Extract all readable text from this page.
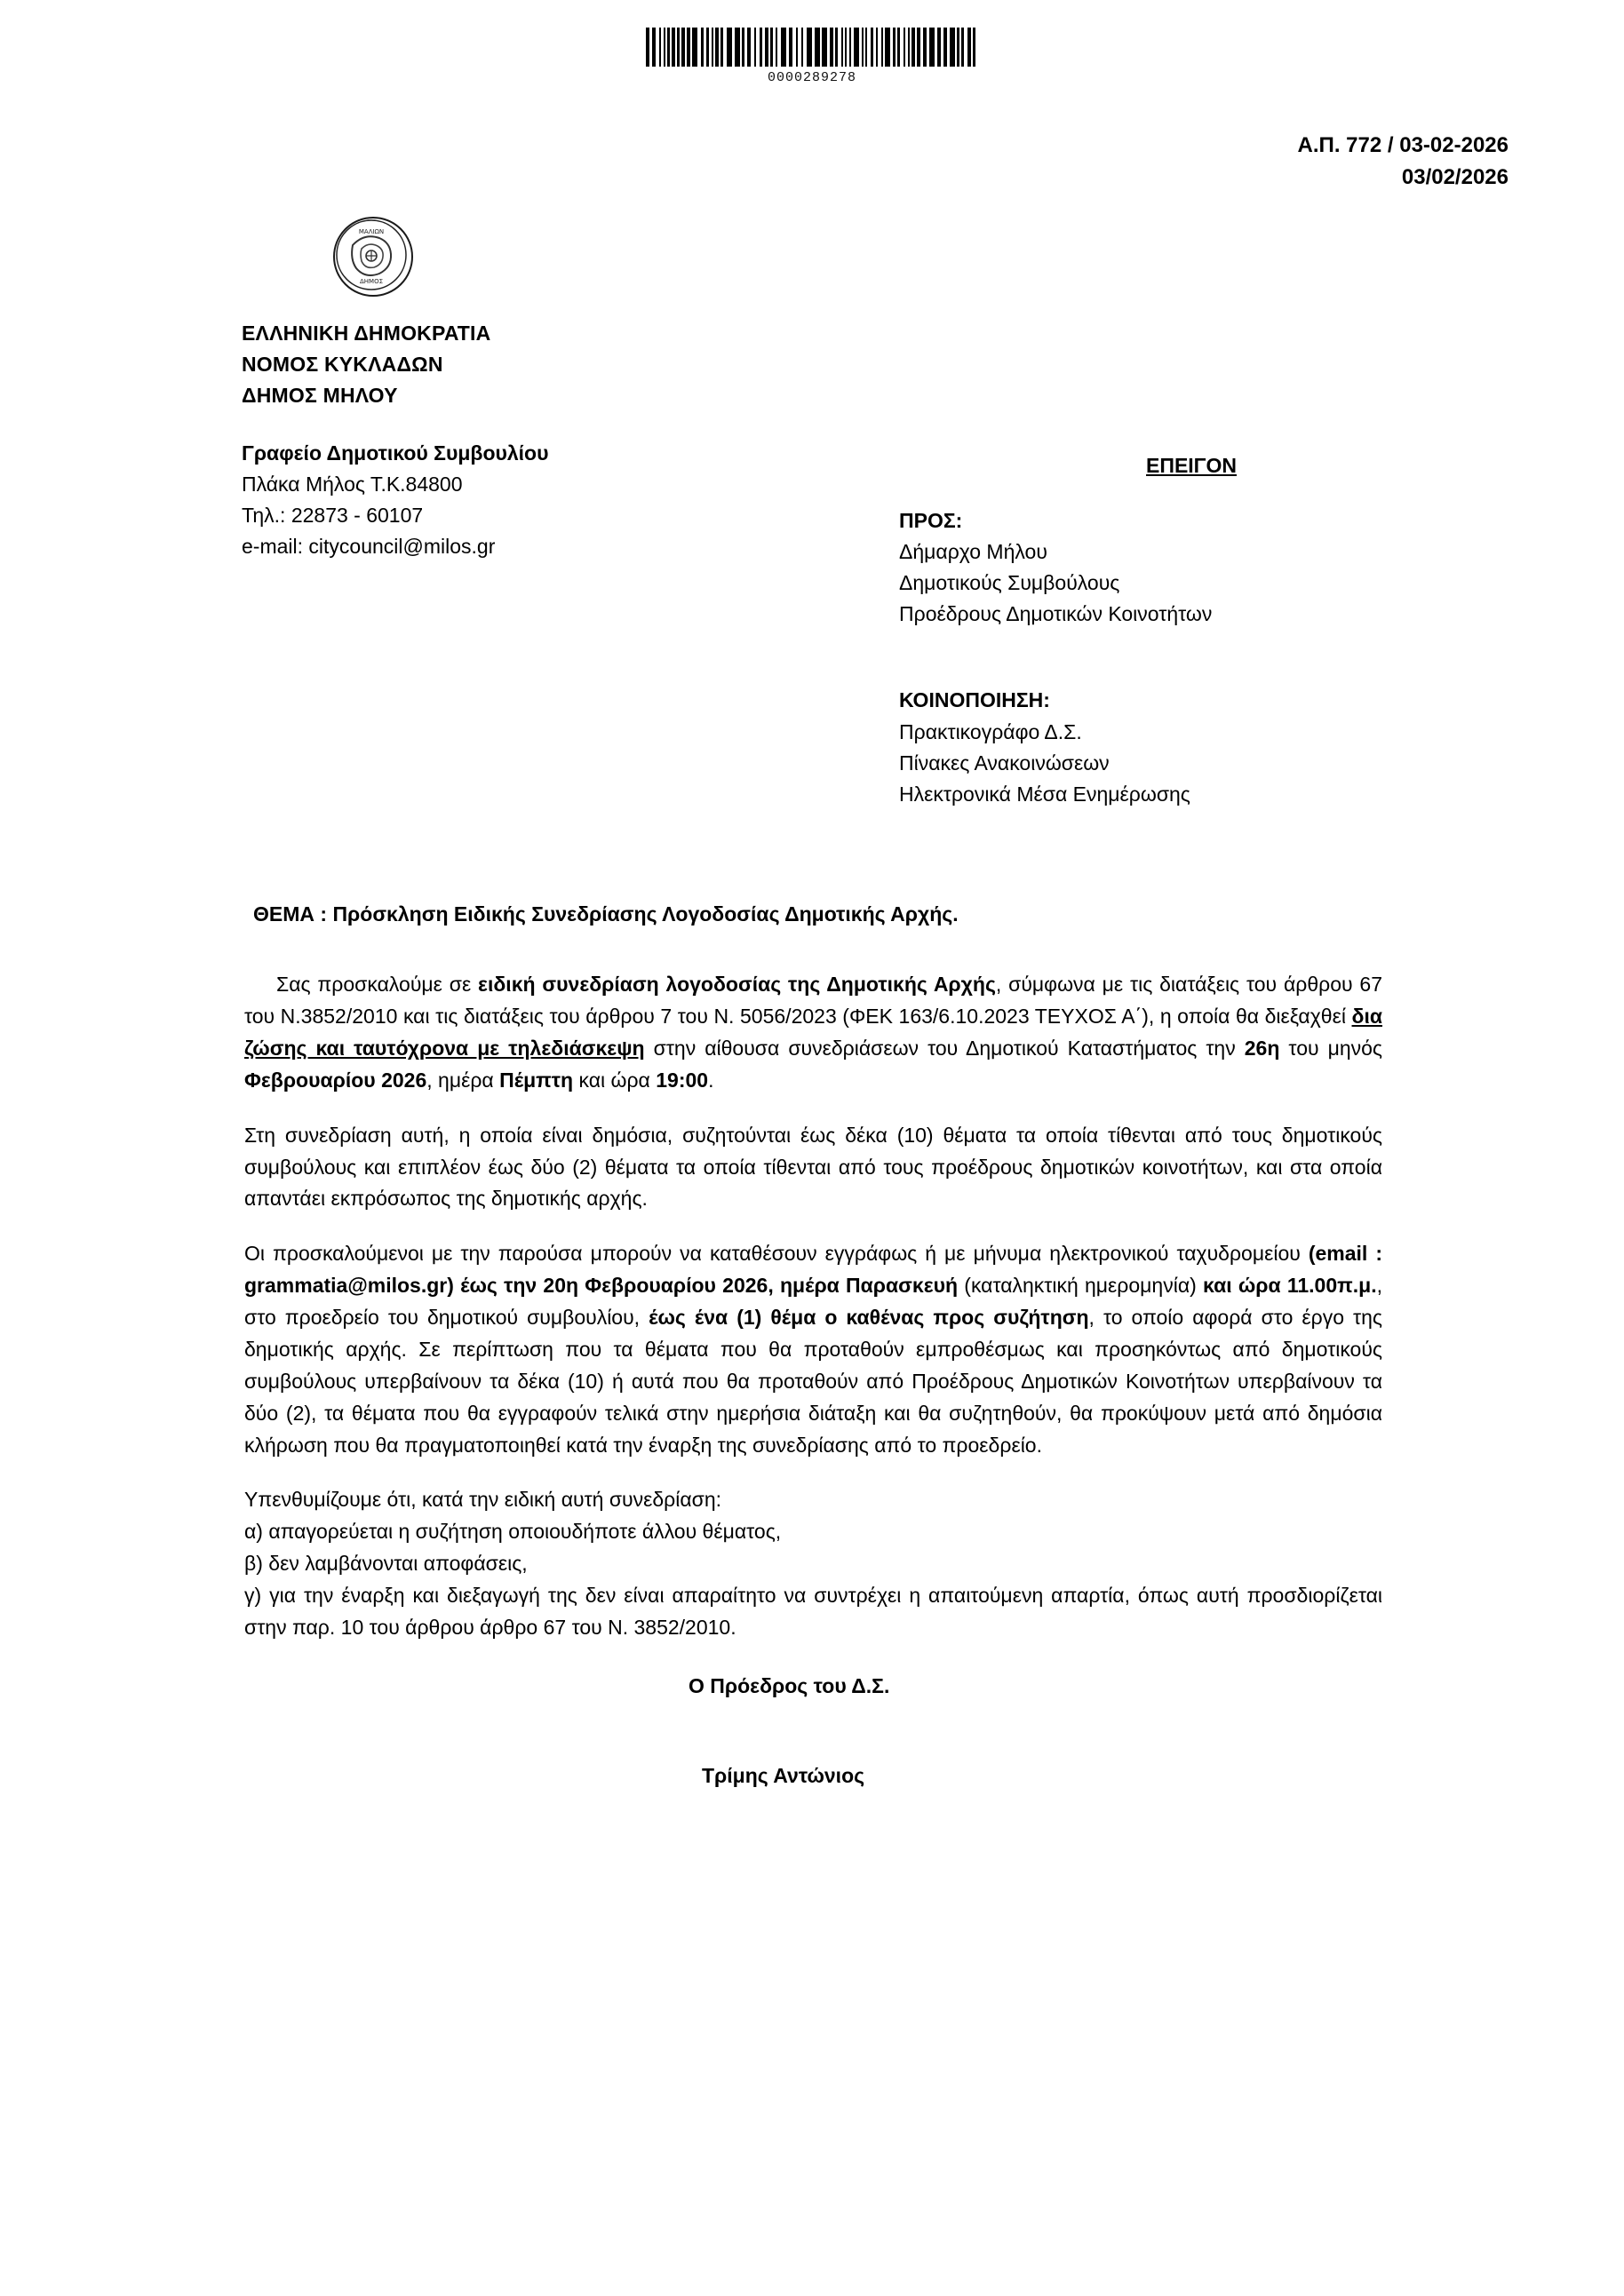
0000289278
Α.Π. 772 / 03-02-2026
03/02/2026
ΜΑΛΙΩΝ
ΔΗΜΟΣ
ΕΛΛΗΝΙΚΗ ΔΗΜΟΚΡΑΤΙΑ
ΝΟΜΟΣ ΚΥΚΛΑΔΩΝ
ΔΗΜΟΣ ΜΗΛΟΥ
Γραφείο Δημοτικού Συμβουλίου
Πλάκα Μήλος Τ.Κ.84800
Τηλ.: 22873 - 60107
e-mail: citycouncil@milos.gr
ΕΠΕΙΓΟΝ
ΠΡΟΣ:
Δήμαρχο Μήλου
Δημοτικούς Συμβούλους
Προέδρους Δημοτικών Κοινοτήτων
ΚΟΙΝΟΠΟΙΗΣΗ:
Πρακτικογράφο Δ.Σ.
Πίνακες Ανακοινώσεων
Ηλεκτρονικά Μέσα Ενημέρωσης
ΘΕΜΑ : Πρόσκληση Ειδικής Συνεδρίασης Λογοδοσίας Δημοτικής Αρχής.

Σας προσκαλούμε σε ειδική συνεδρίαση λογοδοσίας της Δημοτικής Αρχής, σύμφωνα με τις διατάξεις του άρθρου 67 του Ν.3852/2010 και τις διατάξεις του άρθρου 7 του Ν. 5056/2023 (ΦΕΚ 163/6.10.2023 ΤΕΥΧΟΣ Α΄), η οποία θα διεξαχθεί δια ζώσης και ταυτόχρονα με τηλεδιάσκεψη στην αίθουσα συνεδριάσεων του Δημοτικού Καταστήματος την 26η του μηνός Φεβρουαρίου 2026, ημέρα Πέμπτη και ώρα 19:00.

Στη συνεδρίαση αυτή, η οποία είναι δημόσια, συζητούνται έως δέκα (10) θέματα τα οποία τίθενται από τους δημοτικούς συμβούλους και επιπλέον έως δύο (2) θέματα τα οποία τίθενται από τους προέδρους δημοτικών κοινοτήτων, και στα οποία απαντάει εκπρόσωπος της δημοτικής αρχής.

Οι προσκαλούμενοι με την παρούσα μπορούν να καταθέσουν εγγράφως ή με μήνυμα ηλεκτρονικού ταχυδρομείου (email : grammatia@milos.gr) έως την 20η Φεβρουαρίου 2026, ημέρα Παρασκευή (καταληκτική ημερομηνία) και ώρα 11.00π.μ., στο προεδρείο του δημοτικού συμβουλίου, έως ένα (1) θέμα ο καθένας προς συζήτηση, το οποίο αφορά στο έργο της δημοτικής αρχής. Σε περίπτωση που τα θέματα που θα προταθούν εμπροθέσμως και προσηκόντως από δημοτικούς συμβούλους υπερβαίνουν τα δέκα (10) ή αυτά που θα προταθούν από Προέδρους Δημοτικών Κοινοτήτων υπερβαίνουν τα δύο (2), τα θέματα που θα εγγραφούν τελικά στην ημερήσια διάταξη και θα συζητηθούν, θα προκύψουν μετά από δημόσια κλήρωση που θα πραγματοποιηθεί κατά την έναρξη της συνεδρίασης από το προεδρείο.

Υπενθυμίζουμε ότι, κατά την ειδική αυτή συνεδρίαση:
α) απαγορεύεται η συζήτηση οποιουδήποτε άλλου θέματος,
β) δεν λαμβάνονται αποφάσεις,
γ) για την έναρξη και διεξαγωγή της δεν είναι απαραίτητο να συντρέχει η απαιτούμενη απαρτία, όπως αυτή προσδιορίζεται στην παρ. 10 του άρθρου άρθρο 67 του Ν. 3852/2010.
Ο Πρόεδρος του Δ.Σ.
Τρίμης Αντώνιος
